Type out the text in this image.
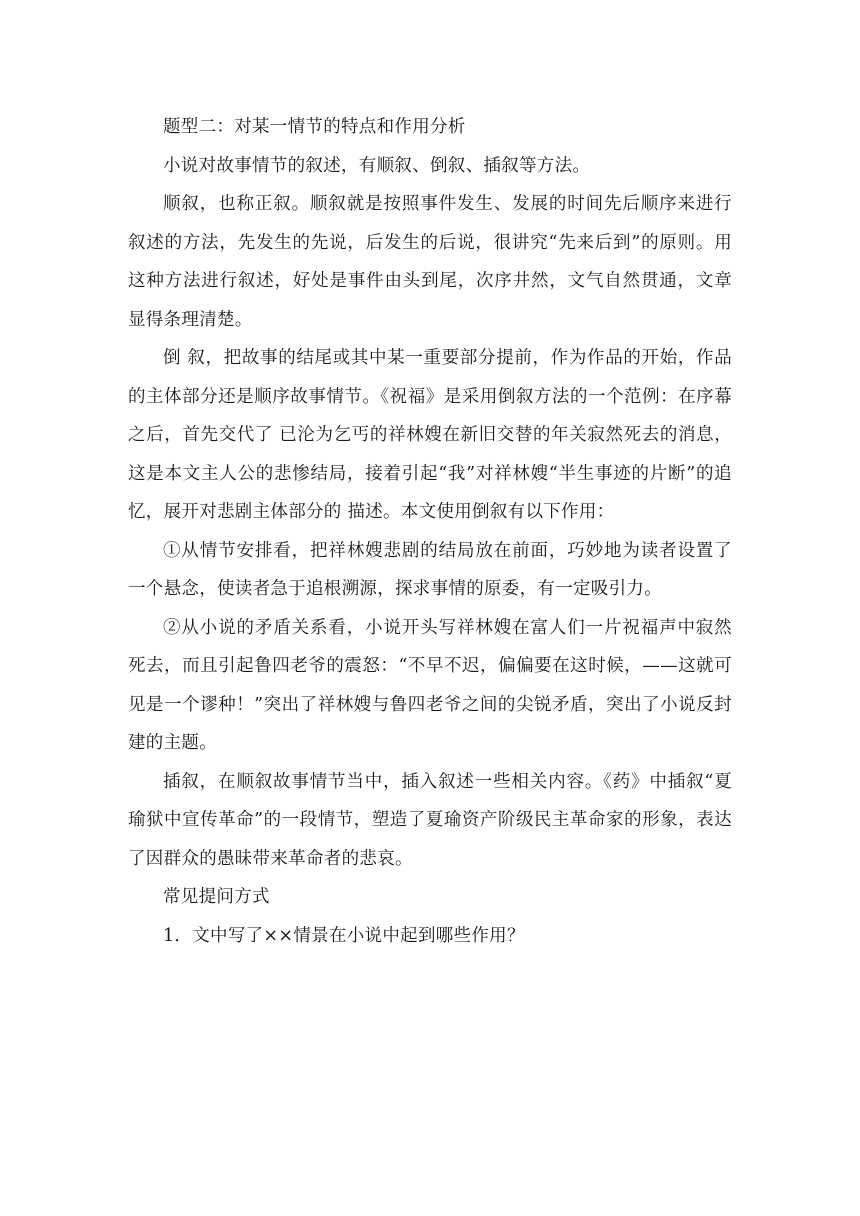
题型二：对某一情节的特点和作用分析

小说对故事情节的叙述，有顺叙、倒叙、插叙等方法。

顺叙，也称正叙。顺叙就是按照事件发生、发展的时间先后顺序来进行叙述的方法，先发生的先说，后发生的后说，很讲究“先来后到”的原则。用这种方法进行叙述，好处是事件由头到尾，次序井然，文气自然贯通，文章显得条理清楚。

倒 叙，把故事的结尾或其中某一重要部分提前，作为作品的开始，作品的主体部分还是顺序故事情节。《祝福》是采用倒叙方法的一个范例：在序幕之后，首先交代了 已沦为乞丐的祥林嫂在新旧交替的年关寂然死去的消息，这是本文主人公的悲惨结局，接着引起“我”对祥林嫂“半生事迹的片断”的追忆，展开对悲剧主体部分的 描述。本文使用倒叙有以下作用：

①从情节安排看，把祥林嫂悲剧的结局放在前面，巧妙地为读者设置了一个悬念，使读者急于追根溯源，探求事情的原委，有一定吸引力。

②从小说的矛盾关系看，小说开头写祥林嫂在富人们一片祝福声中寂然死去，而且引起鲁四老爷的震怒：“不早不迟，偏偏要在这时候，——这就可见是一个谬种！”突出了祥林嫂与鲁四老爷之间的尖锐矛盾，突出了小说反封建的主题。

插叙，在顺叙故事情节当中，插入叙述一些相关内容。《药》中插叙“夏瑜狱中宣传革命”的一段情节，塑造了夏瑜资产阶级民主革命家的形象，表达了因群众的愚昧带来革命者的悲哀。

常见提问方式

1．文中写了××情景在小说中起到哪些作用？
